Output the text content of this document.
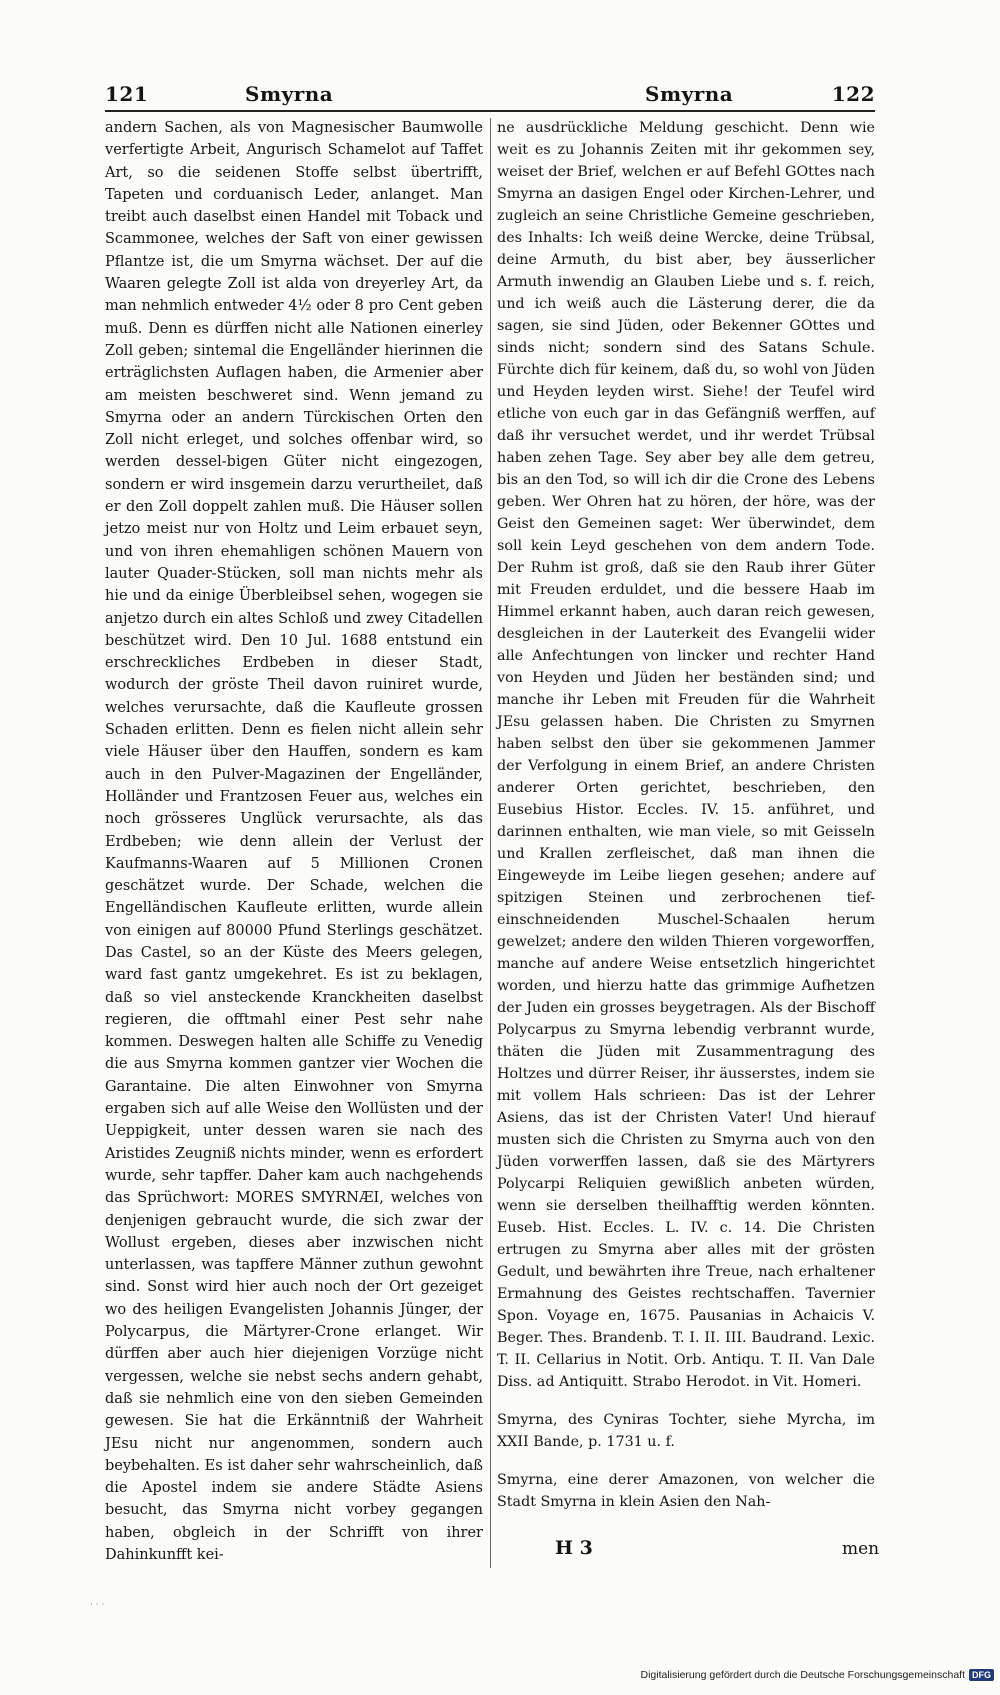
121	Smyrna	Smyrna	122

andern Sachen, als von Magnesischer Baumwolle verfertigte Arbeit, Angurisch Schamelot auf Taffet Art, so die seidenen Stoffe selbst übertrifft, Tapeten und corduanisch Leder, anlanget. Man treibt auch daselbst einen Handel mit Toback und Scammonee, welches der Saft von einer gewissen Pflantze ist, die um Smyrna wächset. Der auf die Waaren gelegte Zoll ist alda von dreyerley Art, da man nehmlich entweder 4½ oder 8 pro Cent geben muß. Denn es dürffen nicht alle Nationen einerley Zoll geben; sintemal die Engelländer hierinnen die erträglichsten Auflagen haben, die Armenier aber am meisten beschweret sind. Wenn jemand zu Smyrna oder an andern Türckischen Orten den Zoll nicht erleget, und solches offenbar wird, so werden dessel-bigen Güter nicht eingezogen, sondern er wird insgemein darzu verurtheilet, daß er den Zoll doppelt zahlen muß. Die Häuser sollen jetzo meist nur von Holtz und Leim erbauet seyn, und von ihren ehemahligen schönen Mauern von lauter Quader-Stücken, soll man nichts mehr als hie und da einige Überbleibsel sehen, wogegen sie anjetzo durch ein altes Schloß und zwey Citadellen beschützet wird. Den 10 Jul. 1688 entstund ein erschreckliches Erdbeben in dieser Stadt, wodurch der gröste Theil davon ruiniret wurde, welches verursachte, daß die Kaufleute grossen Schaden erlitten. Denn es fielen nicht allein sehr viele Häuser über den Hauffen, sondern es kam auch in den Pulver-Magazinen der Engelländer, Holländer und Frantzosen Feuer aus, welches ein noch grösseres Unglück verursachte, als das Erdbeben; wie denn allein der Verlust der Kaufmanns-Waaren auf 5 Millionen Cronen geschätzet wurde. Der Schade, welchen die Engelländischen Kaufleute erlitten, wurde allein von einigen auf 80000 Pfund Sterlings geschätzet. Das Castel, so an der Küste des Meers gelegen, ward fast gantz umgekehret. Es ist zu beklagen, daß so viel ansteckende Kranckheiten daselbst regieren, die offtmahl einer Pest sehr nahe kommen. Deswegen halten alle Schiffe zu Venedig die aus Smyrna kommen gantzer vier Wochen die Garantaine. Die alten Einwohner von Smyrna ergaben sich auf alle Weise den Wollüsten und der Ueppigkeit, unter dessen waren sie nach des Aristides Zeugniß nichts minder, wenn es erfordert wurde, sehr tapffer. Daher kam auch nachgehends das Sprüchwort: MORES SMYRNÆI, welches von denjenigen gebraucht wurde, die sich zwar der Wollust ergeben, dieses aber inzwischen nicht unterlassen, was tapffere Männer zuthun gewohnt sind. Sonst wird hier auch noch der Ort gezeiget wo des heiligen Evangelisten Johannis Jünger, der Polycarpus, die Märtyrer-Crone erlanget. Wir dürffen aber auch hier diejenigen Vorzüge nicht vergessen, welche sie nebst sechs andern gehabt, daß sie nehmlich eine von den sieben Gemeinden gewesen. Sie hat die Erkänntniß der Wahrheit JEsu nicht nur angenommen, sondern auch beybehalten. Es ist daher sehr wahrscheinlich, daß die Apostel indem sie andere Städte Asiens besucht, das Smyrna nicht vorbey gegangen haben, obgleich in der Schrifft von ihrer Dahinkunfft kei-

ne ausdrückliche Meldung geschicht. Denn wie weit es zu Johannis Zeiten mit ihr gekommen sey, weiset der Brief, welchen er auf Befehl GOttes nach Smyrna an dasigen Engel oder Kirchen-Lehrer, und zugleich an seine Christliche Gemeine geschrieben, des Inhalts: Ich weiß deine Wercke, deine Trübsal, deine Armuth, du bist aber, bey äusserlicher Armuth inwendig an Glauben Liebe und s. f. reich, und ich weiß auch die Lästerung derer, die da sagen, sie sind Jüden, oder Bekenner GOttes und sinds nicht; sondern sind des Satans Schule. Fürchte dich für keinem, daß du, so wohl von Jüden und Heyden leyden wirst. Siehe! der Teufel wird etliche von euch gar in das Gefängniß werffen, auf daß ihr versuchet werdet, und ihr werdet Trübsal haben zehen Tage. Sey aber bey alle dem getreu, bis an den Tod, so will ich dir die Crone des Lebens geben. Wer Ohren hat zu hören, der höre, was der Geist den Gemeinen saget: Wer überwindet, dem soll kein Leyd geschehen von dem andern Tode. Der Ruhm ist groß, daß sie den Raub ihrer Güter mit Freuden erduldet, und die bessere Haab im Himmel erkannt haben, auch daran reich gewesen, desgleichen in der Lauterkeit des Evangelii wider alle Anfechtungen von lincker und rechter Hand von Heyden und Jüden her beständen sind; und manche ihr Leben mit Freuden für die Wahrheit JEsu gelassen haben. Die Christen zu Smyrnen haben selbst den über sie gekommenen Jammer der Verfolgung in einem Brief, an andere Christen anderer Orten gerichtet, beschrieben, den Eusebius Histor. Eccles. IV. 15. anführet, und darinnen enthalten, wie man viele, so mit Geisseln und Krallen zerfleischet, daß man ihnen die Eingeweyde im Leibe liegen gesehen; andere auf spitzigen Steinen und zerbrochenen tief-einschneidenden Muschel-Schaalen herum gewelzet; andere den wilden Thieren vorgeworffen, manche auf andere Weise entsetzlich hingerichtet worden, und hierzu hatte das grimmige Aufhetzen der Juden ein grosses beygetragen. Als der Bischoff Polycarpus zu Smyrna lebendig verbrannt wurde, thäten die Jüden mit Zusammentragung des Holtzes und dürrer Reiser, ihr äusserstes, indem sie mit vollem Hals schrieen: Das ist der Lehrer Asiens, das ist der Christen Vater! Und hierauf musten sich die Christen zu Smyrna auch von den Jüden vorwerffen lassen, daß sie des Märtyrers Polycarpi Reliquien gewißlich anbeten würden, wenn sie derselben theilhafftig werden könnten. Euseb. Hist. Eccles. L. IV. c. 14. Die Christen ertrugen zu Smyrna aber alles mit der grösten Gedult, und bewährten ihre Treue, nach erhaltener Ermahnung des Geistes rechtschaffen. Tavernier Spon. Voyage en, 1675. Pausanias in Achaicis V. Beger. Thes. Brandenb. T. I. II. III. Baudrand. Lexic. T. II. Cellarius in Notit. Orb. Antiqu. T. II. Van Dale Diss. ad Antiquitt. Strabo Herodot. in Vit. Homeri.

Smyrna, des Cyniras Tochter, siehe Myrcha, im XXII Bande, p. 1731 u. f.

Smyrna, eine derer Amazonen, von welcher die Stadt Smyrna in klein Asien den Nah-

H 3	men
· · ·
Digitalisierung gefördert durch die Deutsche Forschungsgemeinschaft DFG
